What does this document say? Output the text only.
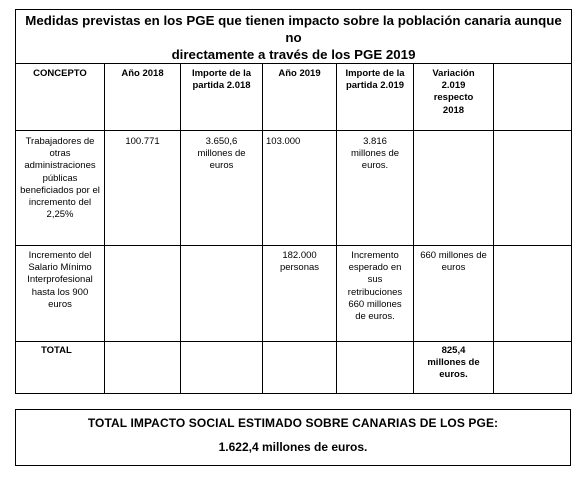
Medidas previstas en los PGE que tienen impacto sobre la población canaria aunque no
directamente a través de los PGE 2019						

CONCEPTO	Año 2018	Importe de la partida 2.018	Año 2019	Importe de la partida 2.019	Variación 2.019 respecto 2018	

Trabajadores de otras administraciones públicas beneficiados por el incremento del 2,25%	100.771	3.650,6 millones de euros	103.000	3.816 millones de euros.		

Incremento del Salario Mínimo Interprofesional hasta los 900 euros			182.000 personas	Incremento esperado en sus retribuciones 660 millones de euros.	660 millones de euros	

TOTAL					825,4 millones de euros.	

TOTAL IMPACTO SOCIAL ESTIMADO SOBRE CANARIAS DE LOS PGE:
1.622,4 millones de euros.
